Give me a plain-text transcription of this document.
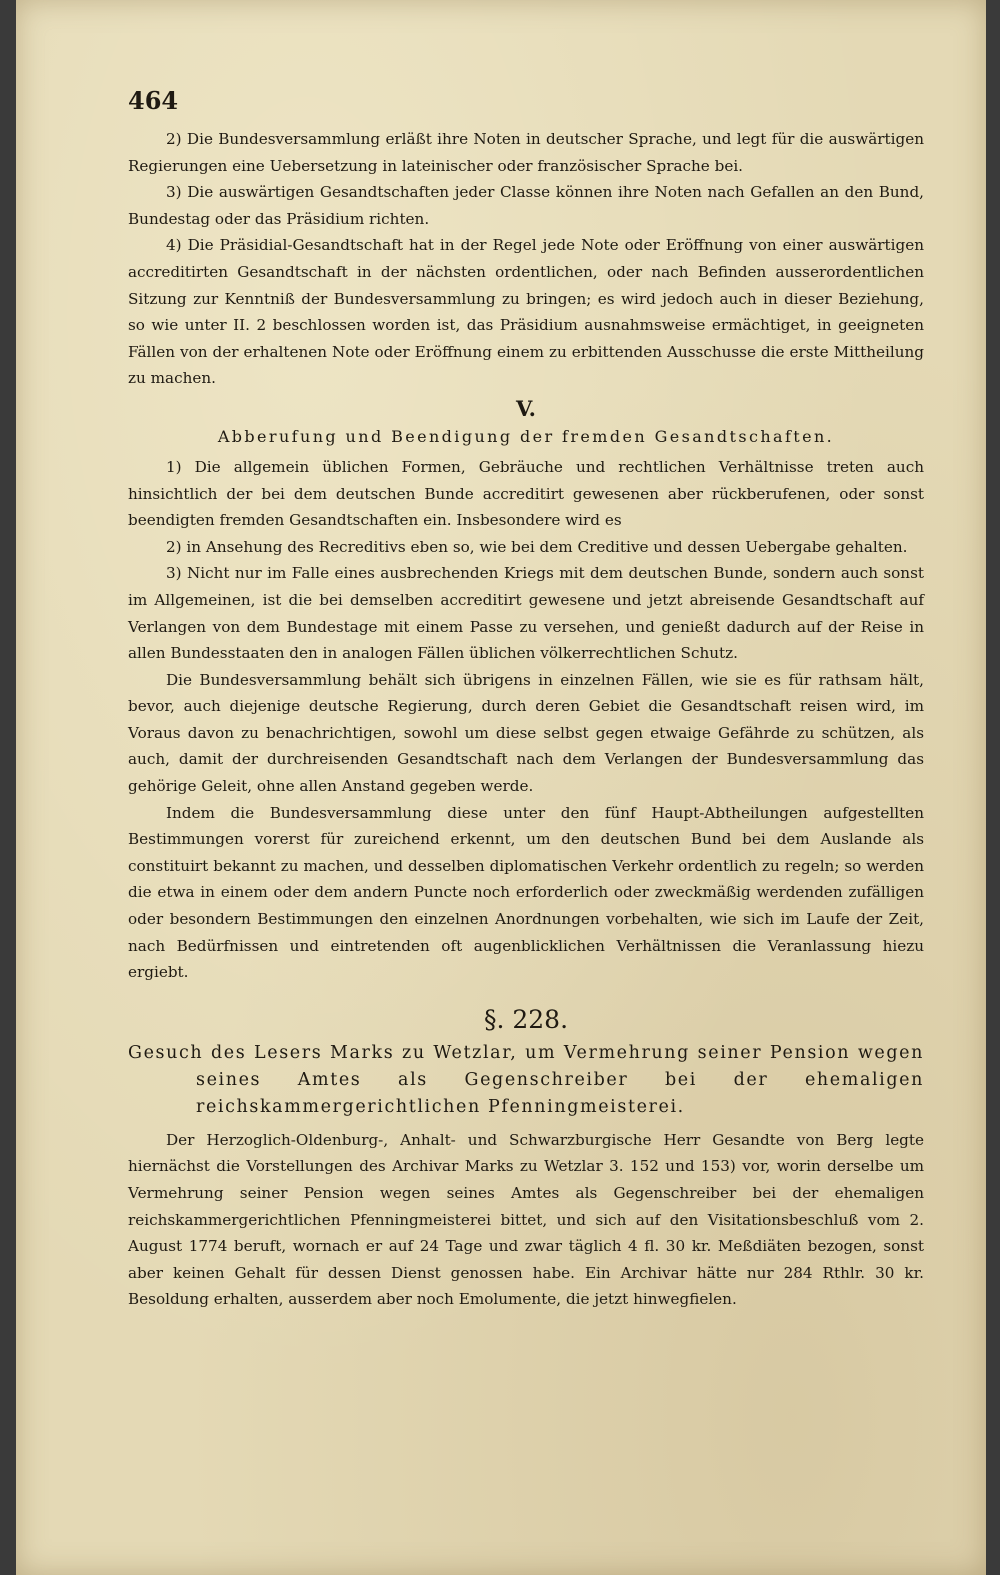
464

2) Die Bundesversammlung erläßt ihre Noten in deutscher Sprache, und legt für die auswärtigen Regierungen eine Uebersetzung in lateinischer oder französischer Sprache bei.

3) Die auswärtigen Gesandtschaften jeder Classe können ihre Noten nach Gefallen an den Bund, Bundestag oder das Präsidium richten.

4) Die Präsidial-Gesandtschaft hat in der Regel jede Note oder Eröffnung von einer auswärtigen accreditirten Gesandtschaft in der nächsten ordentlichen, oder nach Befinden ausserordentlichen Sitzung zur Kenntniß der Bundesversammlung zu bringen; es wird jedoch auch in dieser Beziehung, so wie unter II. 2 beschlossen worden ist, das Präsidium ausnahmsweise ermächtiget, in geeigneten Fällen von der erhaltenen Note oder Eröffnung einem zu erbittenden Ausschusse die erste Mittheilung zu machen.

V.
Abberufung und Beendigung der fremden Gesandtschaften.

1) Die allgemein üblichen Formen, Gebräuche und rechtlichen Verhältnisse treten auch hinsichtlich der bei dem deutschen Bunde accreditirt gewesenen aber rückberufenen, oder sonst beendigten fremden Gesandtschaften ein. Insbesondere wird es

2) in Ansehung des Recreditivs eben so, wie bei dem Creditive und dessen Uebergabe gehalten.

3) Nicht nur im Falle eines ausbrechenden Kriegs mit dem deutschen Bunde, sondern auch sonst im Allgemeinen, ist die bei demselben accreditirt gewesene und jetzt abreisende Gesandtschaft auf Verlangen von dem Bundestage mit einem Passe zu versehen, und genießt dadurch auf der Reise in allen Bundesstaaten den in analogen Fällen üblichen völkerrechtlichen Schutz.

Die Bundesversammlung behält sich übrigens in einzelnen Fällen, wie sie es für rathsam hält, bevor, auch diejenige deutsche Regierung, durch deren Gebiet die Gesandtschaft reisen wird, im Voraus davon zu benachrichtigen, sowohl um diese selbst gegen etwaige Gefährde zu schützen, als auch, damit der durchreisenden Gesandtschaft nach dem Verlangen der Bundesversammlung das gehörige Geleit, ohne allen Anstand gegeben werde.

Indem die Bundesversammlung diese unter den fünf Haupt-Abtheilungen aufgestellten Bestimmungen vorerst für zureichend erkennt, um den deutschen Bund bei dem Auslande als constituirt bekannt zu machen, und desselben diplomatischen Verkehr ordentlich zu regeln; so werden die etwa in einem oder dem andern Puncte noch erforderlich oder zweckmäßig werdenden zufälligen oder besondern Bestimmungen den einzelnen Anordnungen vorbehalten, wie sich im Laufe der Zeit, nach Bedürfnissen und eintretenden oft augenblicklichen Verhältnissen die Veranlassung hiezu ergiebt.

§. 228.
Gesuch des Lesers Marks zu Wetzlar, um Vermehrung seiner Pension wegen seines Amtes als Gegenschreiber bei der ehemaligen reichskammergerichtlichen Pfenningmeisterei.

Der Herzoglich-Oldenburg-, Anhalt- und Schwarzburgische Herr Gesandte von Berg legte hiernächst die Vorstellungen des Archivar Marks zu Wetzlar 3. 152 und 153) vor, worin derselbe um Vermehrung seiner Pension wegen seines Amtes als Gegenschreiber bei der ehemaligen reichskammergerichtlichen Pfenningmeisterei bittet, und sich auf den Visitationsbeschluß vom 2. August 1774 beruft, wornach er auf 24 Tage und zwar täglich 4 fl. 30 kr. Meßdiäten bezogen, sonst aber keinen Gehalt für dessen Dienst genossen habe. Ein Archivar hätte nur 284 Rthlr. 30 kr. Besoldung erhalten, ausserdem aber noch Emolumente, die jetzt hinwegfielen.
